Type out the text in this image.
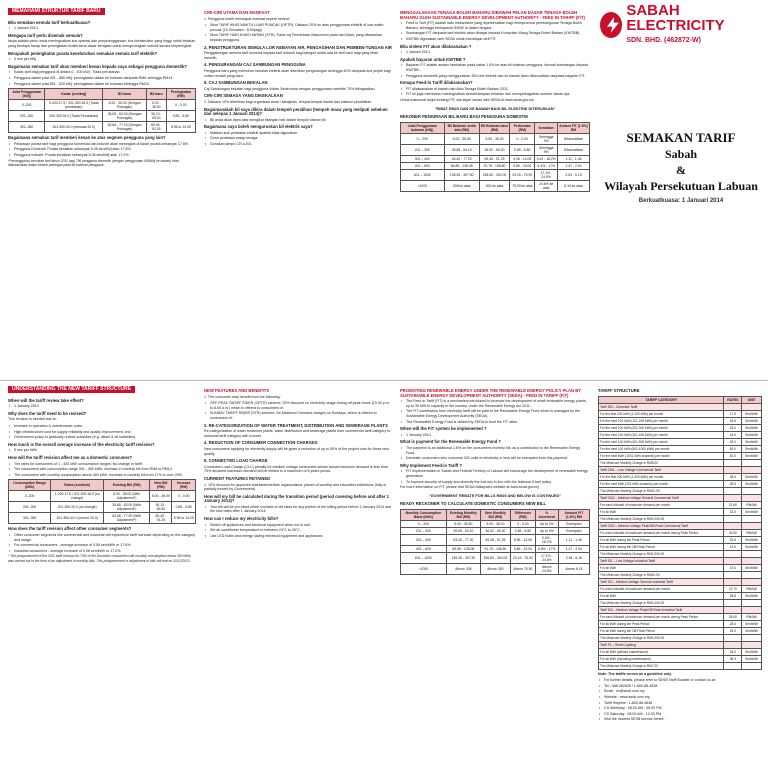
SABAH ELECTRICITY
SDN. BHD. (462872-W)
SEMAKAN TARIF
Sabah
&
Wilayah Persekutuan Labuan
Berkuatkuasa: 1 Januari 2014
MEMAHAMI STRUKTUR TARIF BARU
Bila semakan semula tarif berkuatkuasa?
• 1 Januari 2014
Mengapa tarif perlu disemak semula?
Ianya adalah perlu untuk meningkatkan kos operasi dan penyelenggaraan, kos infrastruktur yang tinggi untuk bekalan yang berdaya harap dan peningkatan kualiti serta dasar kerajaan untuk mengurangkan subsidi secara berperingkat.
Berapakah peningkatan purata keseluruhan semakan semula tarif elektrik?
• 5 sen per kWj
Bagaimana semakan tarif akan memberi kesan kepada saya sebagai pengguna domestik?
• Kadar tarif bagi pengguna di antara 0 - 400 kWj : Tiada perubahan.
• Pengguna dalam julat 401 - 850 kWj: peningkatan dalam bil bulanan daripada RM6 sehingga RM14.
• Pengguna dalam julat 851 - 920 kWj: peningkatan dalam bil bulanan sehingga RM24.
Julat Penggunaan (kWj)	Kadar (sen/kwj)	Bil lama	Bil baru	Peningkatan (RM)
0–200	5-400:17.5 / 201-300:18.5 (Tiada perubahan)	5.00 - 35.00 (Dengan Potongan)	5.00 - 36.00	0 - 0.00
201–300	200-300:34.0 (Tiada Perubahan)	35.08 - 63.00 (Dengan Potongan)	36.13 - 69.00	0.85 - 5.80
301–350	301-350:44.0 (semasa:33.0)	63.68 - 77.20 (Dengan Potongan)	69.45 - 91.25	5.96 to 14.05
Bagaimana semakan tarif memberi kesan ke atas segmen pengguna yang lain?
• Pelarasan purata tarif bagi pengguna komersial dan industri akan meningkat di kadar purata sebanyak 17.6%.
• Pengguna Komersil: Purata kenaikan sebanyak 5.08 sen/kWj atau 17.6%.
• Pengguna Industri: Purata kenaikan sebanyak 5.08 sen/kWj atau 17.2%.
*Penangguhan semakan tarif tahun 2011 bagi 796 pengguna domestik (dengan penggunaan 650kWj ke bawah) telah dilaksanakan dalam bentuk potongan pada bil bulanan pengguna.
CIRI-CIRI UTAMA DAN MANFAAT
1. Pengguna boleh mendapat manfaat seperti berikut:
• Skim TARIF IKHIS WAKTU LUAR PUNCAK (OPTR): Diskaun 20% ke atas penggunaan elektrik di luar waktu puncak (10.00malam - 8.00pagi).
• Skim TARIF HARI KHAS HARIAN (STR): Tiada caj Permintaan Maksimum pada hari Ahad, yang ditawarkan kepada pengguna.
2. PENSTRUKTURAN SEMULA LOR KEBAYAN AIR, PENGAGIHAN DAN PEMBEN-TUNGAN AIR
Penggabungan semula tarif komersil kepada tarif industri bagi kategori sedia ada ke tarif baru bagi yang telah memilih.
4. PENGURANGAN CAJ SAMBUNGAN PENGGUNA
Pengguna baru yang memohon bekalan elektrik akan diberikan pengurangan sehingga 40% daripada kos projek bagi voltan rendah yang baru.
5. CAJ SAMBUNGAN BEKALAN
Caj Sambungan bekalan bagi pengguna Voltan Sederhana dengan penggunaan melebihi 70% ditingkatkan.
CIRI-CIRI SEMASA YANG DIKEKALKAN
1. Diskaun 10% diberikan bagi organisasi amal / kebajikan, tempat-tempat ibadat dan institusi pendidikan.
Bagaimanakah bil saya dikira dalam tempoh peralihan (tempoh masa yang meliputi sebelum dan selepas 1 Januari 2014)?
• Bil anda akan dipro-rata mengikut bilangan hari dalam tempoh kitaran bil.
Bagaimana saya boleh menguruskan bil elektrik saya?
• Matikan suis peralatan elektrik apabila tidak digunakan.
• Guna peralatan cekap tenaga.
• Gunakan lampu CFL/LED.
MENGGALAKKAN TENAGA BOLEH BAHARU DIBAWAH PELAN DASAR TENAGA BOLEH BAHARU OLEH SUSTAINABLE ENERGY DEVELOPMENT AUTHORITY - FEED IN TARIFF (FiT)
• Feed in Tarif (FiT) adalah satu mekanisme yang diperkenalkan bagi mempromosi pembangunan Tenaga Boleh Baharu, sehingga berkapasiti 30MW di dalam Negara.
• Sumbangan FiT daripada tarif elektrik akan dibayar kepada Kumpulan Wang Tenaga Boleh Baharu (KWTBB).
• KWTBB digunakan oleh SEDA untuk membayar tarif FiT.
Bila sistem FiT akan dilaksanakan ?
• 1 Januari 2014
Apakah bayaran untuk KWTBB ?
• Bayaran FiT adalah amaun tambahan pada kadar 1.6% ke atas bil bulanan pengguna, kecuali sumbangan kepada KWTBB.
• Pengguna domestik yang menggunakan 300 unit elektrik dan ke bawah akan dikecualikan daripada bayaran FiT.
Kenapa Feed-in Tariff dilaksanakan?
• FiT dilaksanakan di bawah dan Akta Tenaga Boleh Baharu 2011.
• FiT ini juga membantu meningkatkan kebolehkerjaan bekalan dan memperbagaikan sumber bahan api.
Untuk maklumat lanjut tentang FiT, sila layari laman web SEDA di www.seda.gov.my
"RIBAT RM20 DAN KE BAWAH BAGI BIL ELEKTRIK DITERUSKAN"
REKONER PENGIRAAN BIL BARU BAGI PENGGUNA DOMESTIK
Julat Penggunaan bulanan (kWj)	Bil Bulanan sedia ada (RM)	Bil Bulanan baru (RM)	Perbezaan (RM)	Kenaikan	Amaun FiT (1.6%) RM
0 – 200	5.00 - 35.50	5.00 - 36.00	0 - 0.00	Sehingga 2%	Dikecualikan
201 – 300	35.68 - 64.10	36.52 - 69.00	0.85 - 5.80	Sehingga 9%	Dikecualikan
301 – 400	63.40 - 77.20	69.45 - 91.25	5.96 - 14.05	9.44 - 18.2%	1.11 - 1.46
401 – 600	86.85 - 135.08	91.78 - 158.80	5.86 - 23.00	6.4% - 17%	1.47 - 2.54
601 – 1000	135.35 - 307.50	158.80 - 300.00	23.15 - 75.90	17.1% - 24.6%	2.54 - 6.15
>1000	308 ke atas	300 ke atas	75.90 ke atas	24.6% ke atas	6.15 ke atas
UNDERSTANDING THE NEW TARIFF STRUCTURE
When will the tariff review take effect?
• 1 January 2014
Why does the tariff need to be revised?
This revision is needed due to:
• Increase in operation & maintenance costs;
• High infrastructure cost for supply reliability and quality improvement; and
• Government policy to gradually reduce subsidies (e.g. diesel & oil subsidies).
How much is the overall average increase of the electricity tariff revision?
• 5 sen per kWh
How will the tariff revision affect me as a domestic consumer?
• The rates for consumers of 1 - 400 kWh consumption ranges: No change in tariff.
• The consumers with consumption range 301 - 350 kWh: increase in monthly bill from RM6 to RM14.
• The consumers with monthly consumption above 400 kWh: increase in monthly bill from 17% to over 25%.
Consumption Range (kWh)	Rates (sen/kwh)	Existing Bill (RM)	New Bill (RM)	Increase (RM)
0–200	1-200:17.5 / 201-300:18.5 (no change)	5.00 - 35.00 (With Adjustment*)	5.00 - 36.00	0 - 0.00
201–300	201-300:33.0 (no change)	35.68 - 63.00 (With Adjustment*)	36.13 - 69.00	0.85 - 5.80
301–350	301-350:44.0 (current 33.0)	63.68 - 77.00 (With Adjustment*)	69.45 - 91.25	5.96 to 14.05
How does the tariff revision affect other consumer segments?
• Other consumer segments like commercial and industrial will experience tariff increase depending on the category and usage.
• For commercial consumers - average increase of 5.08 sen/kWh or 17.6%.
• Industrial consumers - average increase of 5.08 sen/kWh or 17.2%.
* The postponement of the 2011 tariff revision for 73% of the Domestic consumers with monthly consumption below 350 kWh) was carried out in the form of an adjustment in monthly bills. This postponement or adjustment of bills will end on 31/12/2013
NEW FEATURES AND BENEFITS
1. The consumer may benefit from the following:
• OFF-PEAK TARIFF RIDER (OPTR) scheme: 20% discount on electricity usage during off-peak hours (10.00 p.m. to 8.00 a.m.) which is offered to consumers of:
• SUNDAY TARIFF RIDER (STR) scheme: No Maximum Demand charges on Sundays, which is offered to consumers of:
2. RE-CATEGORIZATION OF WATER TREATMENT, DISTRIBUTION AND SEWERAGE PLANTS
Re-categorization of water treatment plants, water distribution and sewerage plants from commercial tariff category to industrial tariff category with a lower.
4. REDUCTION OF CONSUMER CONNECTION CHARGES
New consumers applying for electricity supply will be given a reduction of up to 50% of the project cost for those who qualify.
5. CONNECTED LOAD CHARGE
Connected Load Charge (CLC) penalty for medium voltage consumers whose actual maximum demand is less than 75% declared maximum demand will be limited to a maximum of 6 years period.
CURRENT FEATURES RETAINED
1. 10% discount for approved charitable/welfare organizations, places of worship and education institutions (fully or partially funded by Government).
How will my bill be calculated during the transition period (period covering before and after 1 January 2014)?
• Your bill will be pro-rated which consists of old rates for any portion of the billing period before 1 January 2014 and the new rates after 1 January 2014.
How can I reduce my electricity bills?
• Switch off appliances and electrical equipment when not in use.
• Set air conditioner temperature to between 24°C to 26°C.
• Use LED bulbs and energy saving electrical equipment and appliances.
PROMOTING RENEWABLE ENERGY UNDER THE RENEWABLE ENERGY POLICY PLAN BY SUSTAINABLE ENERGY DEVELOPMENT AUTHORITY (SEDA) - FEED IN TARIFF (FiT)
• The Feed-in Tariff (FiT) is a mechanism introduced to promote the development of small renewable energy plants, up to 30 MW in capacity in the country, under the Renewable Energy Act 2011.
• The FiT contribution from electricity tariff will be paid to the Renewable Energy Fund which is managed by the Sustainable Energy Development Authority (SEDA).
• The Renewable Energy Fund is utilized by SEDA to fund the FiT rates.
When will the FiT system be implemented ?
• 1 January 2014
What is payment for the Renewable Energy Fund ?
• The payment is an additional 1.6% on the consumer's monthly bill, as a contribution to the Renewable Energy Fund.
• Domestic consumers who consume 300 units of electricity or less will be exempted from this payment.
Why Implement Feed-in Tariff ?
• FiT implementation in Sabah and Federal Territory of Labuan will encourage the development of renewable energy generation.
• To improve security of supply and diversify the fuel mix in line with the National 5-fuel policy.
For more information on FiT, please visit SEDA Malaysia's website at www.seda.gov.my
"GOVERNMENT REBATE FOR BILLS RM20 AND BELOW IS CONTINUED"
READY RECKONER TO CALCULATE DOMESTIC CONSUMERS NEW BILL
Monthly Consumption Band (kWh)	Existing Monthly Bill (RM)	New Monthly Bill (RM)	Difference (RM)	% Increment	Amount FiT (1.6%) RM
0 – 200	5.00 - 35.50	5.00 - 36.00	0 - 0.00	Up to 2%	Exempted
201 – 300	35.68 - 63.10	36.52 - 69.00	0.85 - 5.80	Up to 9%	Exempted
301 – 400	63.40 - 77.20	69.45 - 91.25	5.96 - 14.05	9.4% - 18.2%	1.11 - 1.46
401 – 600	85.85 - 135.08	91.78 - 158.80	5.86 - 23.00	6.8% - 17%	1.47 - 2.54
601 – 1000	135.35 - 307.50	158.80 - 300.00	23.15 - 75.90	17.1% - 24.6%	2.54 - 6.15
>1000	Above 308	Above 300	Above 75.90	Above 24.6%	Above 6.15
TARIFF STRUCTURE
TARIFF CATEGORY	RATES	UNIT
Tariff DM – Domestic Tariff		
For the first 100 kWh (1-100 kWh) per month	17.5	Sen/kWh
For the next 100 kWh (101-200 kWh) per month	18.5	Sen/kWh
For the next 100 kWh (201-300 kWh) per month	33.0	Sen/kWh
For the next 100 kWh (301-400 kWh) per month	44.5	Sen/kWh
For the next 100 kWh (401-500 kWh) per month	45.0	Sen/kWh
For the next 100 kWh (501-1000 kWh) per month	50.0	Sen/kWh
For the next kWh (1001 kWh onwards) per month	52.5	Sen/kWh
The Minimum Monthly Charge is RM5.00		
Tariff CM1 – Low Voltage Commercial Tariff		
For the first 200 kWh (1-200 kWh) per month	38.5	Sen/kWh
For the next kWh (201 kWh onwards) per month	39.5	Sen/kWh
The Minimum Monthly Charge is RM10.00		
Tariff CM2 – Medium Voltage General Commercial Tariff		
For each kilowatt of maximum demand per month	21.60	RM/kW
For all kWh	32.6	Sen/kWh
The Minimum Monthly Charge is RM1,000.00		
Tariff CM3 – Medium Voltage Peak/Off-Peak Commercial Tariff		
For each kilowatt of maximum demand per month during Peak Period	32.60	RM/kW
For all kWh during the Peak Period	32.6	Sen/kWh
For all kWh during the Off-Peak Period	19.5	Sen/kWh
The Minimum Monthly Charge is RM1,000.00		
Tariff ID1 – Low Voltage Industrial Tariff		
For all kWh	37.6	Sen/kWh
The Minimum Monthly Charge is RM10.00		
Tariff ID2 – Medium Voltage General Industrial Tariff		
For each kilowatt of maximum demand per month	21.70	RM/kW
For all kWh	28.8	Sen/kWh
The Minimum Monthly Charge is RM1,000.00		
Tariff ID3 – Medium Voltage Peak/Off-Peak Industrial Tariff		
For each kilowatt of maximum demand per month during Peak Period	28.00	RM/kW
For all kWh during the Peak Period	28.4	Sen/kWh
For all kWh during the Off-Peak Period	18.3	Sen/kWh
The Minimum Monthly Charge is RM1,000.00		
Tariff PL – Street Lighting		
For all kWh (without maintenance)	26.0	Sen/kWh
For all kWh (including maintenance)	38.3	Sen/kWh
The Minimum Monthly Charge is RM7.20		
Note: The tariffs serves as a guideline only.
• For further details, please refer to SESB Tariff Booklet or contact us at:
• Tel : 088-282828 / 1-800-88-4838
• Email : ivr@sesb.com.my
• Website : www.sesb.com.my
• Tariff Helpline : 1-800-88-4838
• CS Weekday : 08:00 AM - 05:00 PM
• CS Saturday : 08:00 AM - 12:30 PM
• Visit the nearest SESB service centre.
